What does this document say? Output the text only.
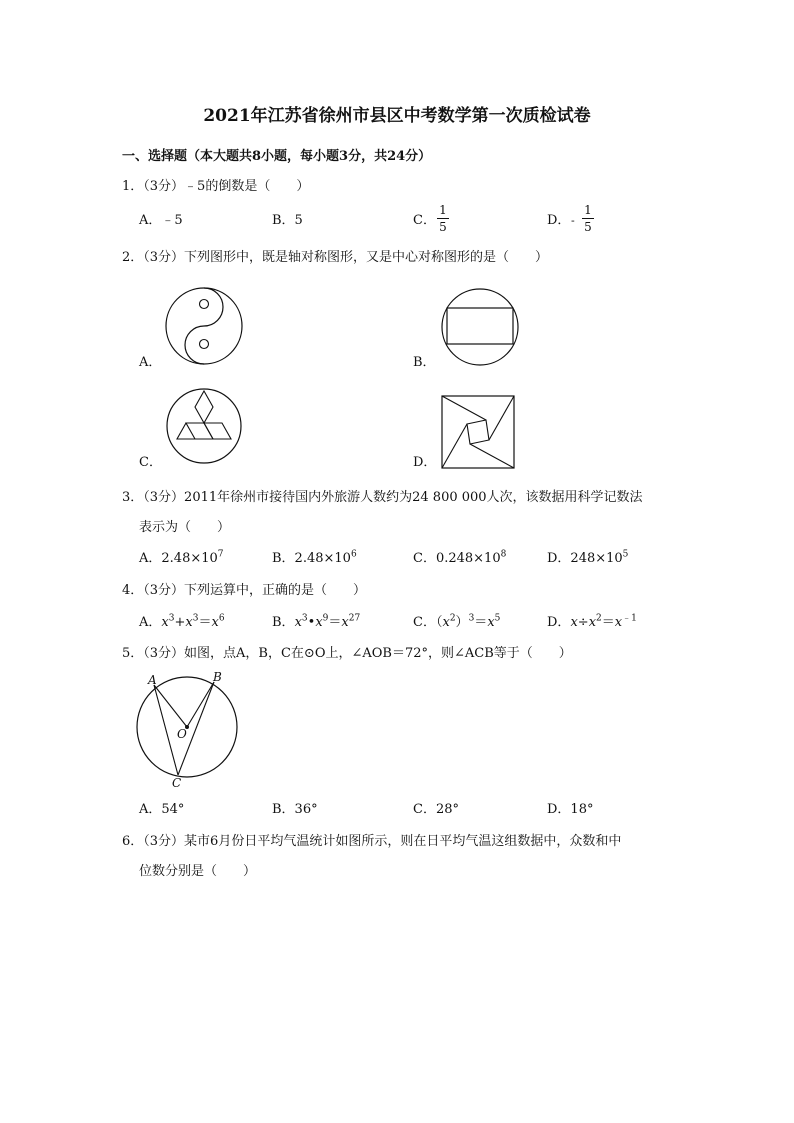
2021年江苏省徐州市县区中考数学第一次质检试卷
一、选择题（本大题共8小题，每小题3分，共24分）
1．（3分）﹣5的倒数是（　　）
A．﹣5	B．5	C．
1
5	D． -
1
5
2．（3分）下列图形中，既是轴对称图形，又是中心对称图形的是（　　）
A．	B．
C．	D．
3．（3分）2011年徐州市接待国内外旅游人数约为24 800 000人次，该数据用科学记数法
表示为（　　）
A．$2.48\times 10^7$	B．$2.48\times 10^6$	C．$0.248\times 10^8$	D．$248\times 10^5$
4．（3分）下列运算中，正确的是（　　）
A．$x^3+x^3=x^6$	B．$x^3•x^9=x^{27}$	C．$(x^2)^3=x^5$	D．$x\div x^2=x^{﹣1}$
5．（3分）如图，点A，B，C在⊙O上，∠AOB＝72°，则∠ACB等于（　　）
A	B
O
C
A．54°	B．36°	C．28°	D．18°
6．（3分）某市6月份日平均气温统计如图所示，则在日平均气温这组数据中，众数和中
位数分别是（　　）
